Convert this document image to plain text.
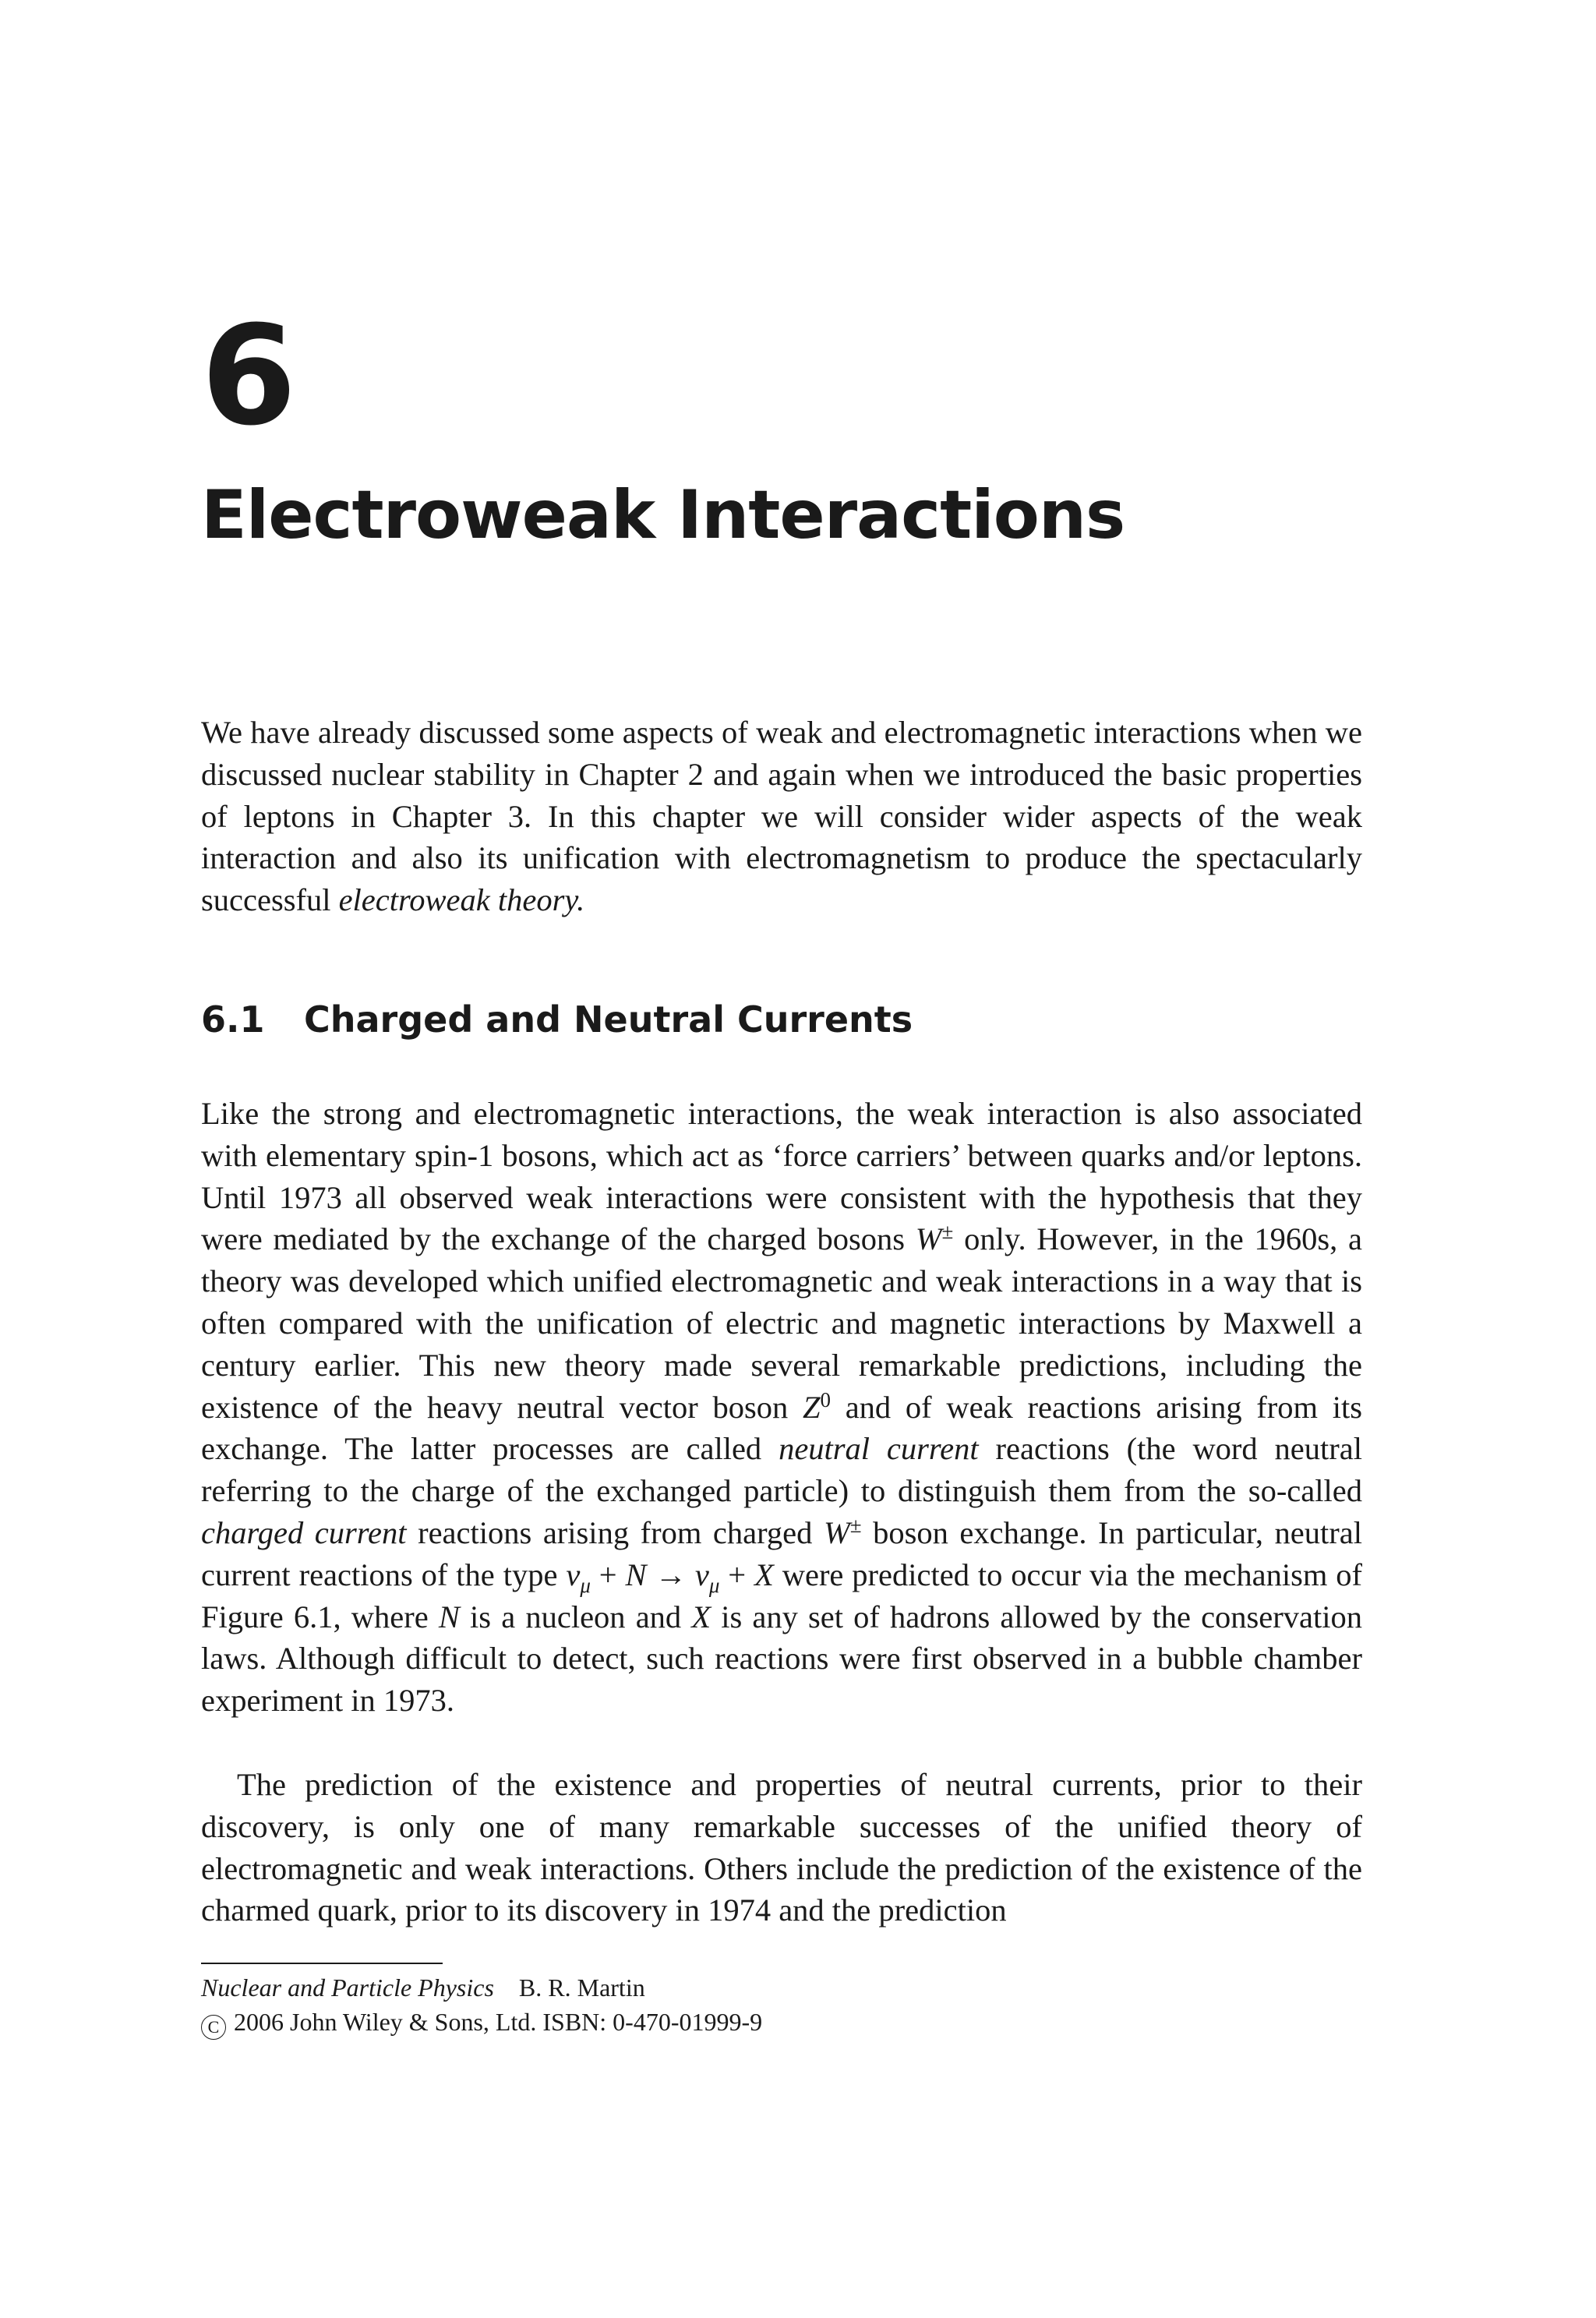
6
Electroweak Interactions

We have already discussed some aspects of weak and electromagnetic interactions when we discussed nuclear stability in Chapter 2 and again when we introduced the basic properties of leptons in Chapter 3. In this chapter we will consider wider aspects of the weak interaction and also its unification with electromagnetism to produce the spectacularly successful electroweak theory.

6.1 Charged and Neutral Currents

Like the strong and electromagnetic interactions, the weak interaction is also associated with elementary spin-1 bosons, which act as ‘force carriers’ between quarks and/or leptons. Until 1973 all observed weak interactions were consistent with the hypothesis that they were mediated by the exchange of the charged bosons W± only. However, in the 1960s, a theory was developed which unified electromagnetic and weak interactions in a way that is often compared with the unification of electric and magnetic interactions by Maxwell a century earlier. This new theory made several remarkable predictions, including the existence of the heavy neutral vector boson $Z^0$ and of weak reactions arising from its exchange. The latter processes are called neutral current reactions (the word neutral referring to the charge of the exchanged particle) to distinguish them from the so-called charged current reactions arising from charged W± boson exchange. In particular, neutral current reactions of the type $\nu_\mu + N \to \nu_\mu + X$ were predicted to occur via the mechanism of Figure 6.1, where N is a nucleon and X is any set of hadrons allowed by the conservation laws. Although difficult to detect, such reactions were first observed in a bubble chamber experiment in 1973.

The prediction of the existence and properties of neutral currents, prior to their discovery, is only one of many remarkable successes of the unified theory of electromagnetic and weak interactions. Others include the prediction of the existence of the charmed quark, prior to its discovery in 1974 and the prediction

Nuclear and Particle Physics B. R. Martin
C 2006 John Wiley & Sons, Ltd. ISBN: 0-470-01999-9
